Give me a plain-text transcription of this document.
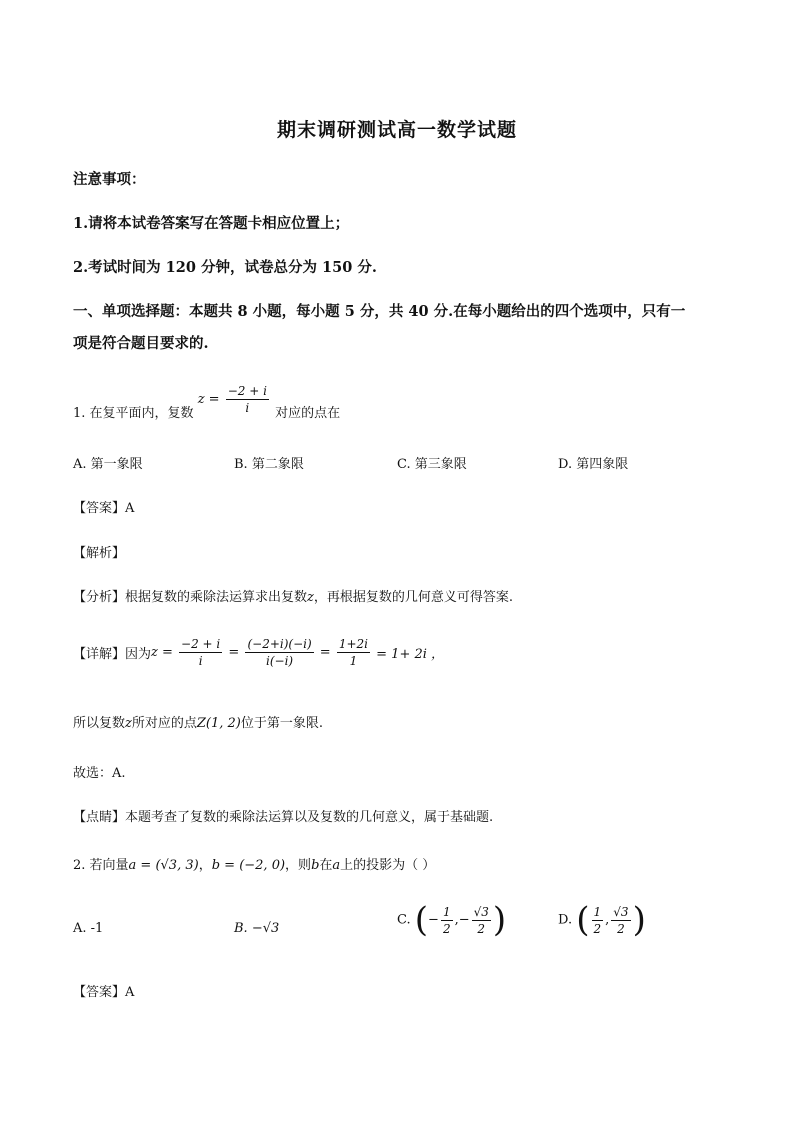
期末调研测试高一数学试题
注意事项：
1.请将本试卷答案写在答题卡相应位置上；
2.考试时间为 120 分钟，试卷总分为 150 分.
一、单项选择题：本题共 8 小题，每小题 5 分，共 40 分.在每小题给出的四个选项中，只有一
项是符合题目要求的.
1. 在复平面内，复数 $z = \frac{-2 + i}{i}$ 对应的点在
A. 第一象限	B. 第二象限	C. 第三象限	D. 第四象限
【答案】A
【解析】
【分析】根据复数的乘除法运算求出复数z，再根据复数的几何意义可得答案.
【详解】因为$z = \frac{-2 + i}{i} = \frac{(-2+i)(-i)}{i(-i)} = \frac{1+2i}{1} = 1+ 2i$ ，
所以复数z所对应的点Z(1, 2)位于第一象限.
故选：A.
【点睛】本题考查了复数的乘除法运算以及复数的几何意义，属于基础题.
2. 若向量a = (√3, 3)，b = (−2, 0)，则b在a上的投影为（ ）
A. -1	B. −√3
C. (− $\frac{1}{2}$ ,− $\frac{√3}{2}$ )	D. ( $\frac{1}{2}$ , $\frac{√3}{2}$ )
【答案】A
